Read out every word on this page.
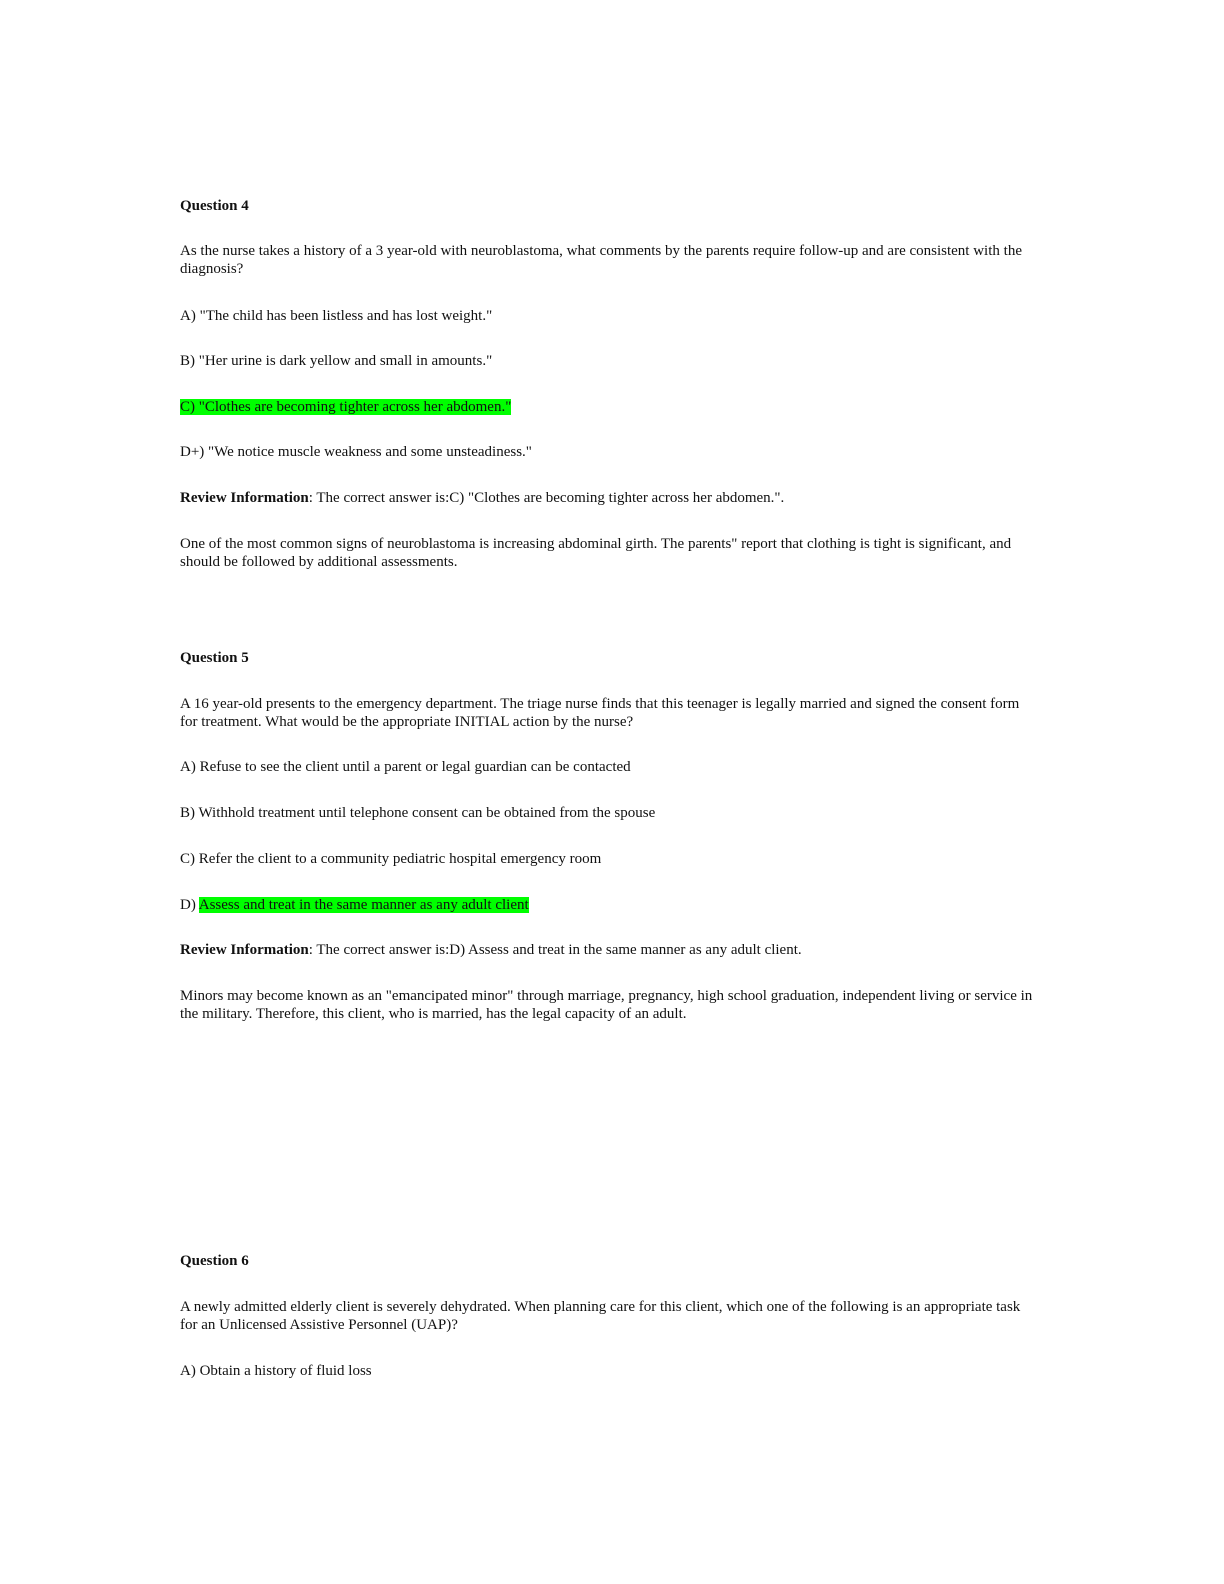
Question 4
As the nurse takes a history of a 3 year-old with neuroblastoma, what comments by the parents require follow-up and are consistent with the diagnosis?
A) "The child has been listless and has lost weight."
B) "Her urine is dark yellow and small in amounts."
C) "Clothes are becoming tighter across her abdomen."
D+) "We notice muscle weakness and some unsteadiness."
Review Information: The correct answer is:C) "Clothes are becoming tighter across her abdomen.".
One of the most common signs of neuroblastoma is increasing abdominal girth. The parents" report that clothing is tight is significant, and should be followed by additional assessments.
Question 5
A 16 year-old presents to the emergency department. The triage nurse finds that this teenager is legally married and signed the consent form for treatment. What would be the appropriate INITIAL action by the nurse?
A) Refuse to see the client until a parent or legal guardian can be contacted
B) Withhold treatment until telephone consent can be obtained from the spouse
C) Refer the client to a community pediatric hospital emergency room
D) Assess and treat in the same manner as any adult client
Review Information: The correct answer is:D) Assess and treat in the same manner as any adult client.
Minors may become known as an "emancipated minor" through marriage, pregnancy, high school graduation, independent living or service in the military. Therefore, this client, who is married, has the legal capacity of an adult.
Question 6
A newly admitted elderly client is severely dehydrated. When planning care for this client, which one of the following is an appropriate task for an Unlicensed Assistive Personnel (UAP)?
A) Obtain a history of fluid loss
